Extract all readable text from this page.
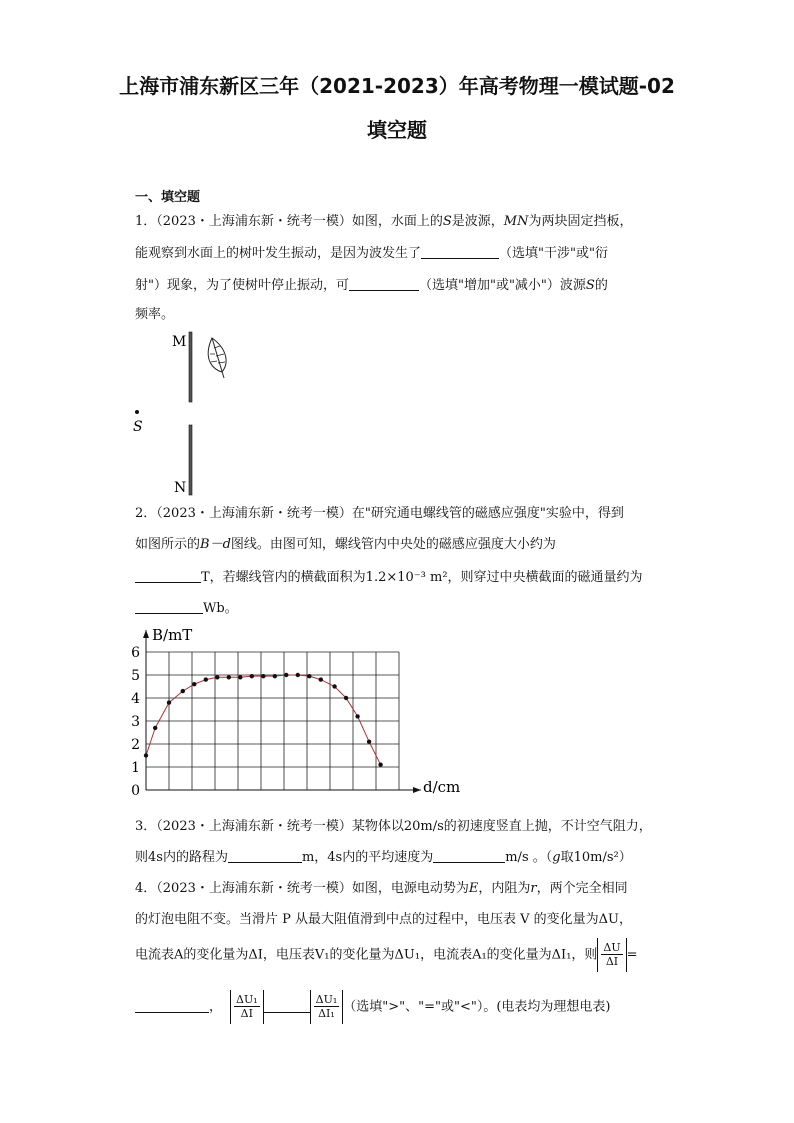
上海市浦东新区三年（2021-2023）年高考物理一模试题-02
填空题
一、填空题
1．（2023・上海浦东新・统考一模）如图，水面上的S是波源，MN为两块固定挡板，
能观察到水面上的树叶发生振动，是因为波发生了	（选填"干涉"或"衍
射"）现象，为了使树叶停止振动，可	（选填"增加"或"减小"）波源S的
频率。
M
S
N
2．（2023・上海浦东新・统考一模）在"研究通电螺线管的磁感应强度"实验中，得到
如图所示的B－d图线。由图可知，螺线管内中央处的磁感应强度大小约为
T，若螺线管内的横截面积为1.2×10⁻³ m²，则穿过中央横截面的磁通量约为
Wb。
0
1
2
3
4
5
6
B/mT
d/cm
3．（2023・上海浦东新・统考一模）某物体以20m/s的初速度竖直上抛，不计空气阻力，
则4s内的路程为	m，4s内的平均速度为	m/s 。（g取10m/s²）
4．（2023・上海浦东新・统考一模）如图，电源电动势为E，内阻为r，两个完全相同
的灯泡电阻不变。当滑片 P 从最大阻值滑到中点的过程中，电压表 V 的变化量为ΔU，
电流表A的变化量为ΔI，电压表V₁的变化量为ΔU₁，电流表A₁的变化量为ΔI₁，则 $\frac{\Delta U}{\Delta I}$ =
， $\frac{\text{ΔU₁}}{\Delta I}$	$\frac{\text{ΔU₁}}{\text{ΔI₁}}$ （选填">"、"="或"<"）。(电表均为理想电表)
